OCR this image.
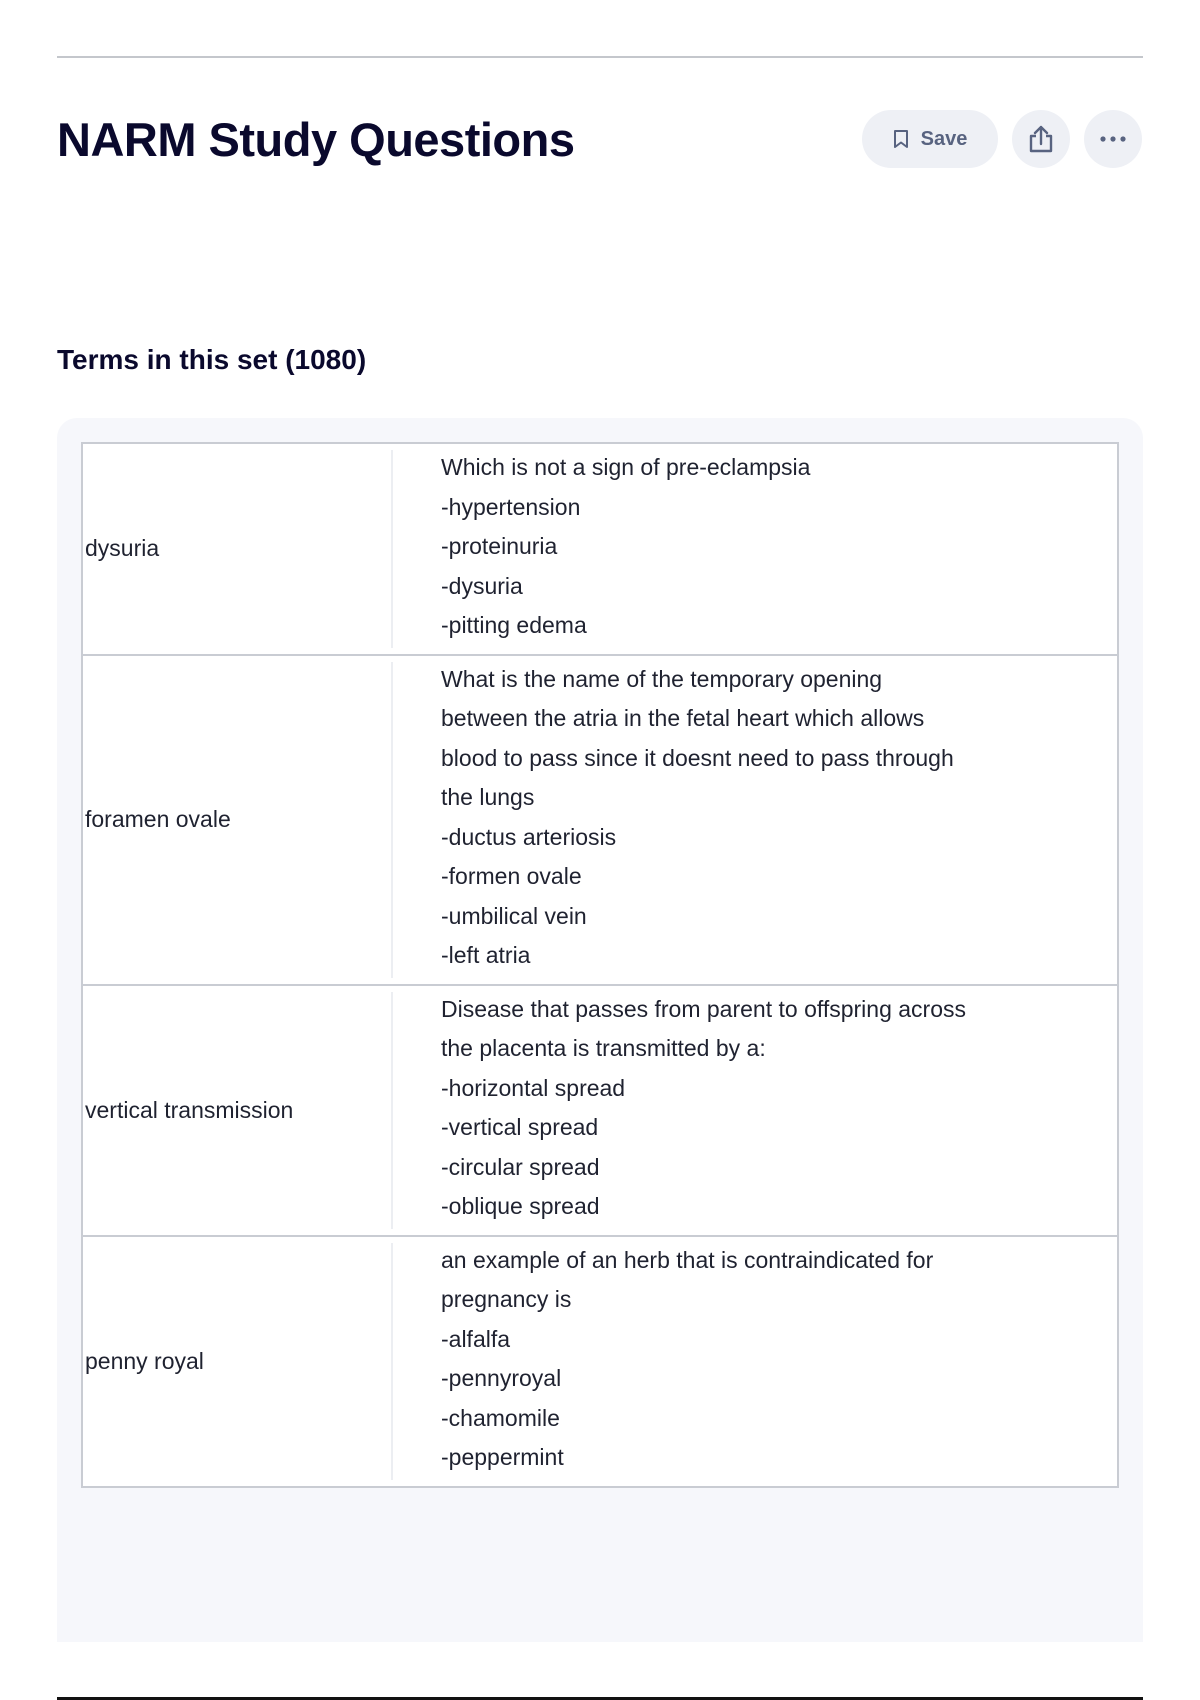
NARM Study Questions	Save
Terms in this set (1080)
dysuria
Which is not a sign of pre-eclampsia
-hypertension
-proteinuria
-dysuria
-pitting edema
foramen ovale
What is the name of the temporary opening
between the atria in the fetal heart which allows
blood to pass since it doesnt need to pass through
the lungs
-ductus arteriosis
-formen ovale
-umbilical vein
-left atria
vertical transmission
Disease that passes from parent to offspring across
the placenta is transmitted by a:
-horizontal spread
-vertical spread
-circular spread
-oblique spread
penny royal
an example of an herb that is contraindicated for
pregnancy is
-alfalfa
-pennyroyal
-chamomile
-peppermint
